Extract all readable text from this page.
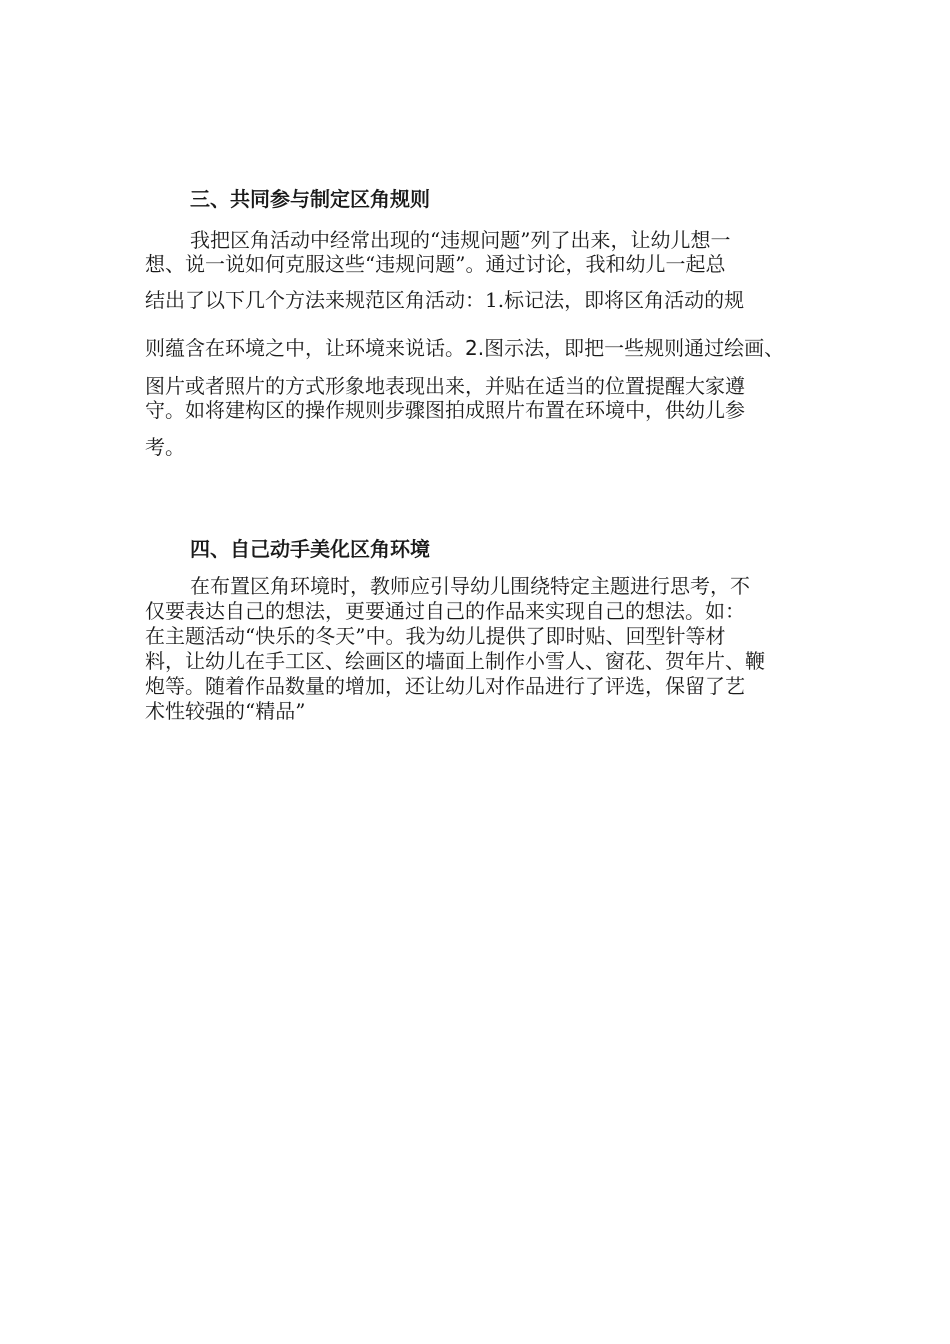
三、共同参与制定区角规则
我把区角活动中经常出现的“违规问题”列了出来，让幼儿想一
想、说一说如何克服这些“违规问题”。通过讨论，我和幼儿一起总
结出了以下几个方法来规范区角活动：1.标记法，即将区角活动的规
则蕴含在环境之中，让环境来说话。2.图示法，即把一些规则通过绘画、
图片或者照片的方式形象地表现出来，并贴在适当的位置提醒大家遵
守。如将建构区的操作规则步骤图拍成照片布置在环境中，供幼儿参
考。
四、自己动手美化区角环境
在布置区角环境时，教师应引导幼儿围绕特定主题进行思考，不
仅要表达自己的想法，更要通过自己的作品来实现自己的想法。如：
在主题活动“快乐的冬天”中。我为幼儿提供了即时贴、回型针等材
料，让幼儿在手工区、绘画区的墙面上制作小雪人、窗花、贺年片、鞭
炮等。随着作品数量的增加，还让幼儿对作品进行了评选，保留了艺
术性较强的“精品”
